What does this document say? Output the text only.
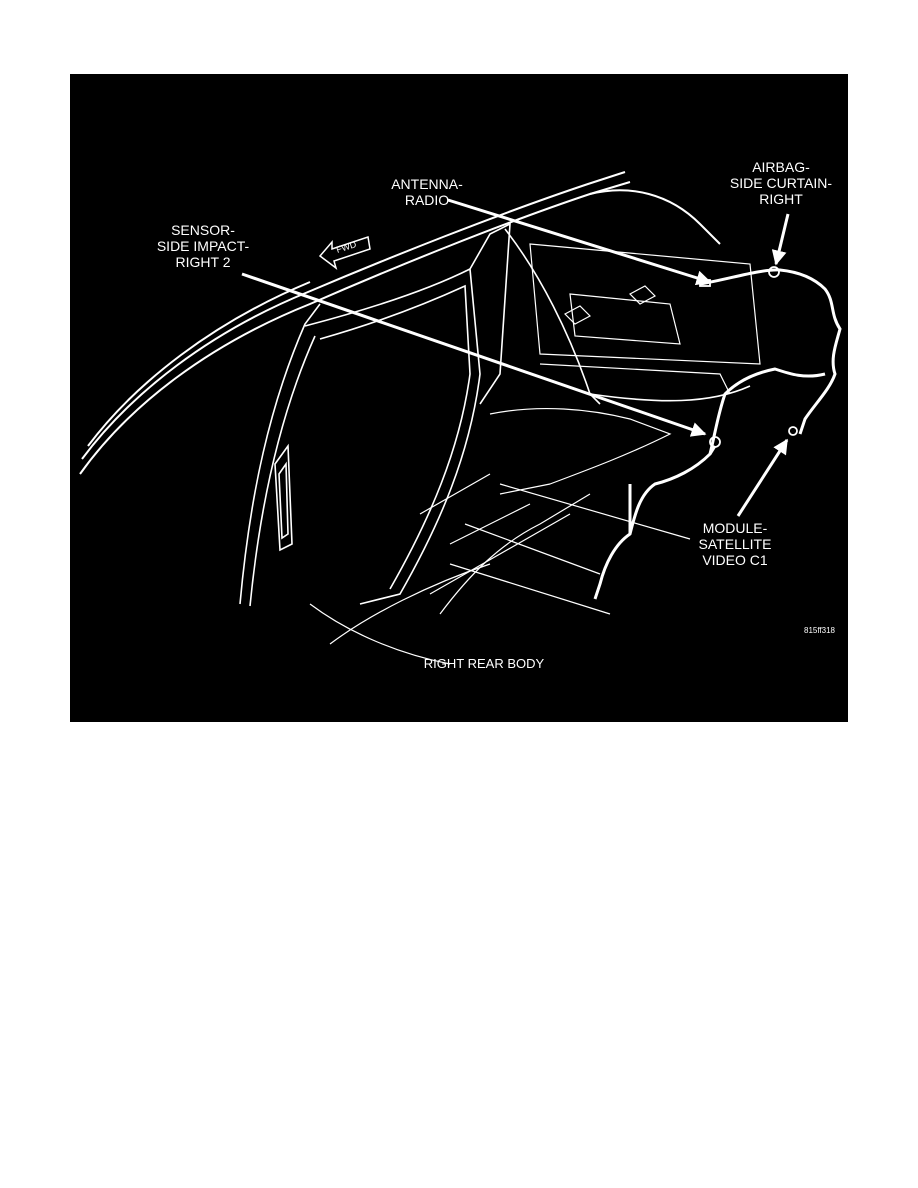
ANTENNA-
RADIO
AIRBAG-
SIDE CURTAIN-
RIGHT
SENSOR-
SIDE IMPACT-
RIGHT 2
MODULE-
SATELLITE
VIDEO C1
815ff318
RIGHT REAR BODY
FWD
